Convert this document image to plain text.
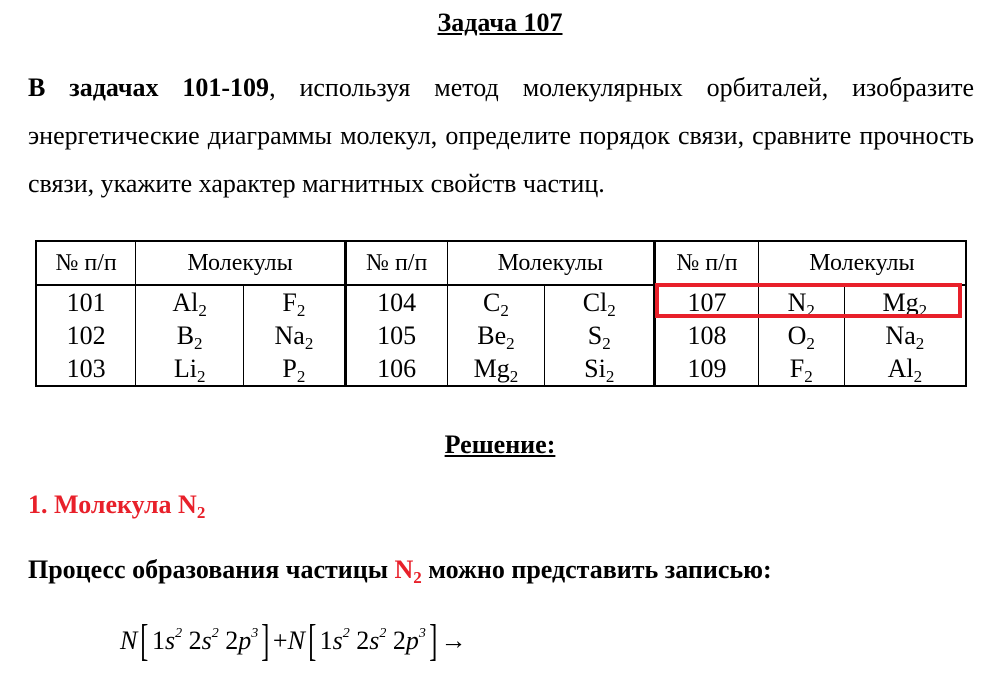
Задача 107

В задачах 101-109, используя метод молекулярных орбиталей, изобразите энергетические диаграммы молекул, определите порядок связи, сравните прочность связи, укажите характер магнитных свойств частиц.

№ п/п	Молекулы		№ п/п	Молекулы		№ п/п	Молекулы	
101	$Al_2$	$F_2$	104	$C_2$	$Cl_2$	107	$N_2$	$Mg_2$
102	$B_2$	$Na_2$	105	$Be_2$	$S_2$	108	$O_2$	$Na_2$
103	$Li_2$	$P_2$	106	$Mg_2$	$Si_2$	109	$F_2$	$Al_2$
Решение:
1. Молекула $N_2$
Процесс образования частицы $N_2$ можно представить записью:
N[ $1s^2$ $2s^2$ $2p^3] +N$[ $1s^2$ $2s^2$ $2p^3$] →
